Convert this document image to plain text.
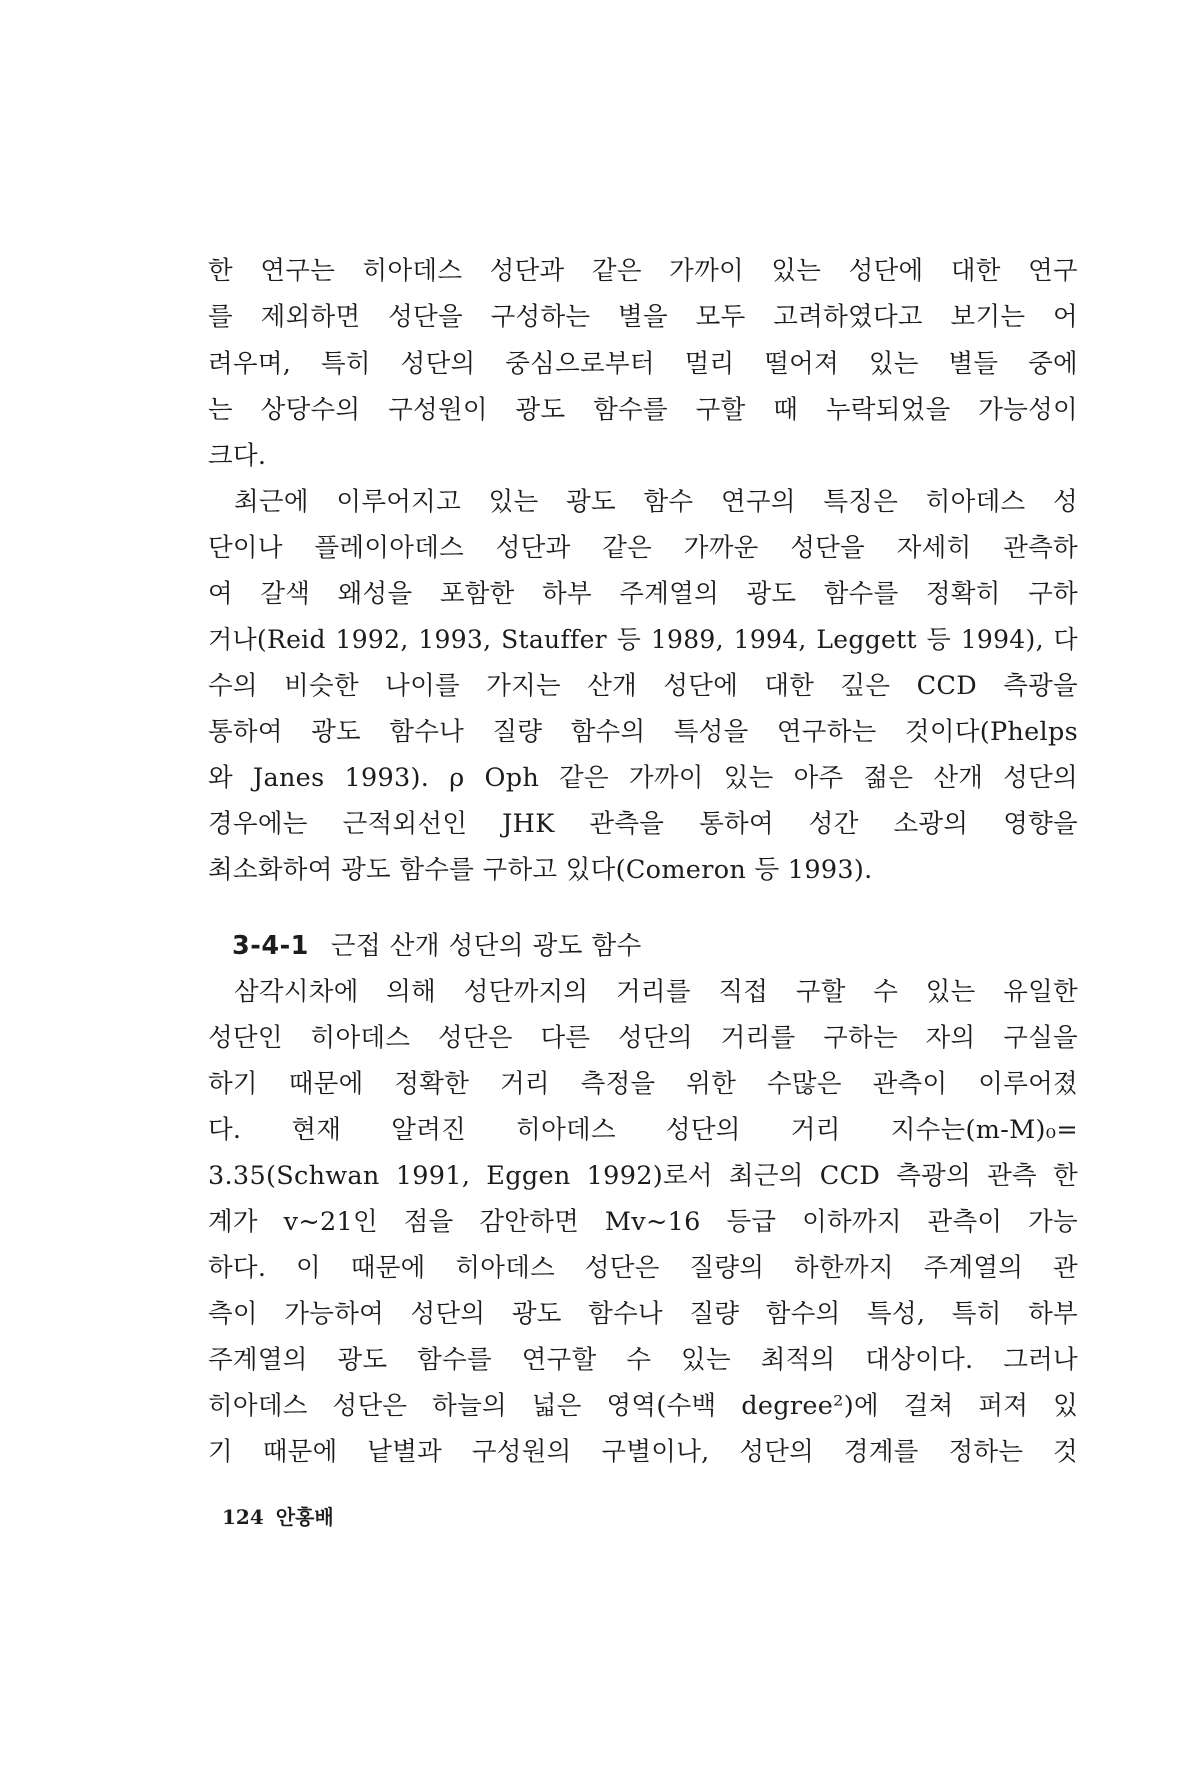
한 연구는 히아데스 성단과 같은 가까이 있는 성단에 대한 연구
를 제외하면 성단을 구성하는 별을 모두 고려하였다고 보기는 어
려우며, 특히 성단의 중심으로부터 멀리 떨어져 있는 별들 중에
는 상당수의 구성원이 광도 함수를 구할 때 누락되었을 가능성이
크다.
최근에 이루어지고 있는 광도 함수 연구의 특징은 히아데스 성
단이나 플레이아데스 성단과 같은 가까운 성단을 자세히 관측하
여 갈색 왜성을 포함한 하부 주계열의 광도 함수를 정확히 구하
거나(Reid 1992, 1993, Stauffer 등 1989, 1994, Leggett 등 1994), 다
수의 비슷한 나이를 가지는 산개 성단에 대한 깊은 CCD 측광을
통하여 광도 함수나 질량 함수의 특성을 연구하는 것이다(Phelps
와 Janes 1993). ρ Oph 같은 가까이 있는 아주 젊은 산개 성단의
경우에는 근적외선인 JHK 관측을 통하여 성간 소광의 영향을
최소화하여 광도 함수를 구하고 있다(Comeron 등 1993).
3-4-1 근접 산개 성단의 광도 함수
삼각시차에 의해 성단까지의 거리를 직접 구할 수 있는 유일한
성단인 히아데스 성단은 다른 성단의 거리를 구하는 자의 구실을
하기 때문에 정확한 거리 측정을 위한 수많은 관측이 이루어졌
다. 현재 알려진 히아데스 성단의 거리 지수는(m-M)₀=
3.35(Schwan 1991, Eggen 1992)로서 최근의 CCD 측광의 관측 한
계가 v~21인 점을 감안하면 Mv~16 등급 이하까지 관측이 가능
하다. 이 때문에 히아데스 성단은 질량의 하한까지 주계열의 관
측이 가능하여 성단의 광도 함수나 질량 함수의 특성, 특히 하부
주계열의 광도 함수를 연구할 수 있는 최적의 대상이다. 그러나
히아데스 성단은 하늘의 넓은 영역(수백 degree²)에 걸쳐 퍼져 있
기 때문에 낱별과 구성원의 구별이나, 성단의 경계를 정하는 것
124 안홍배
